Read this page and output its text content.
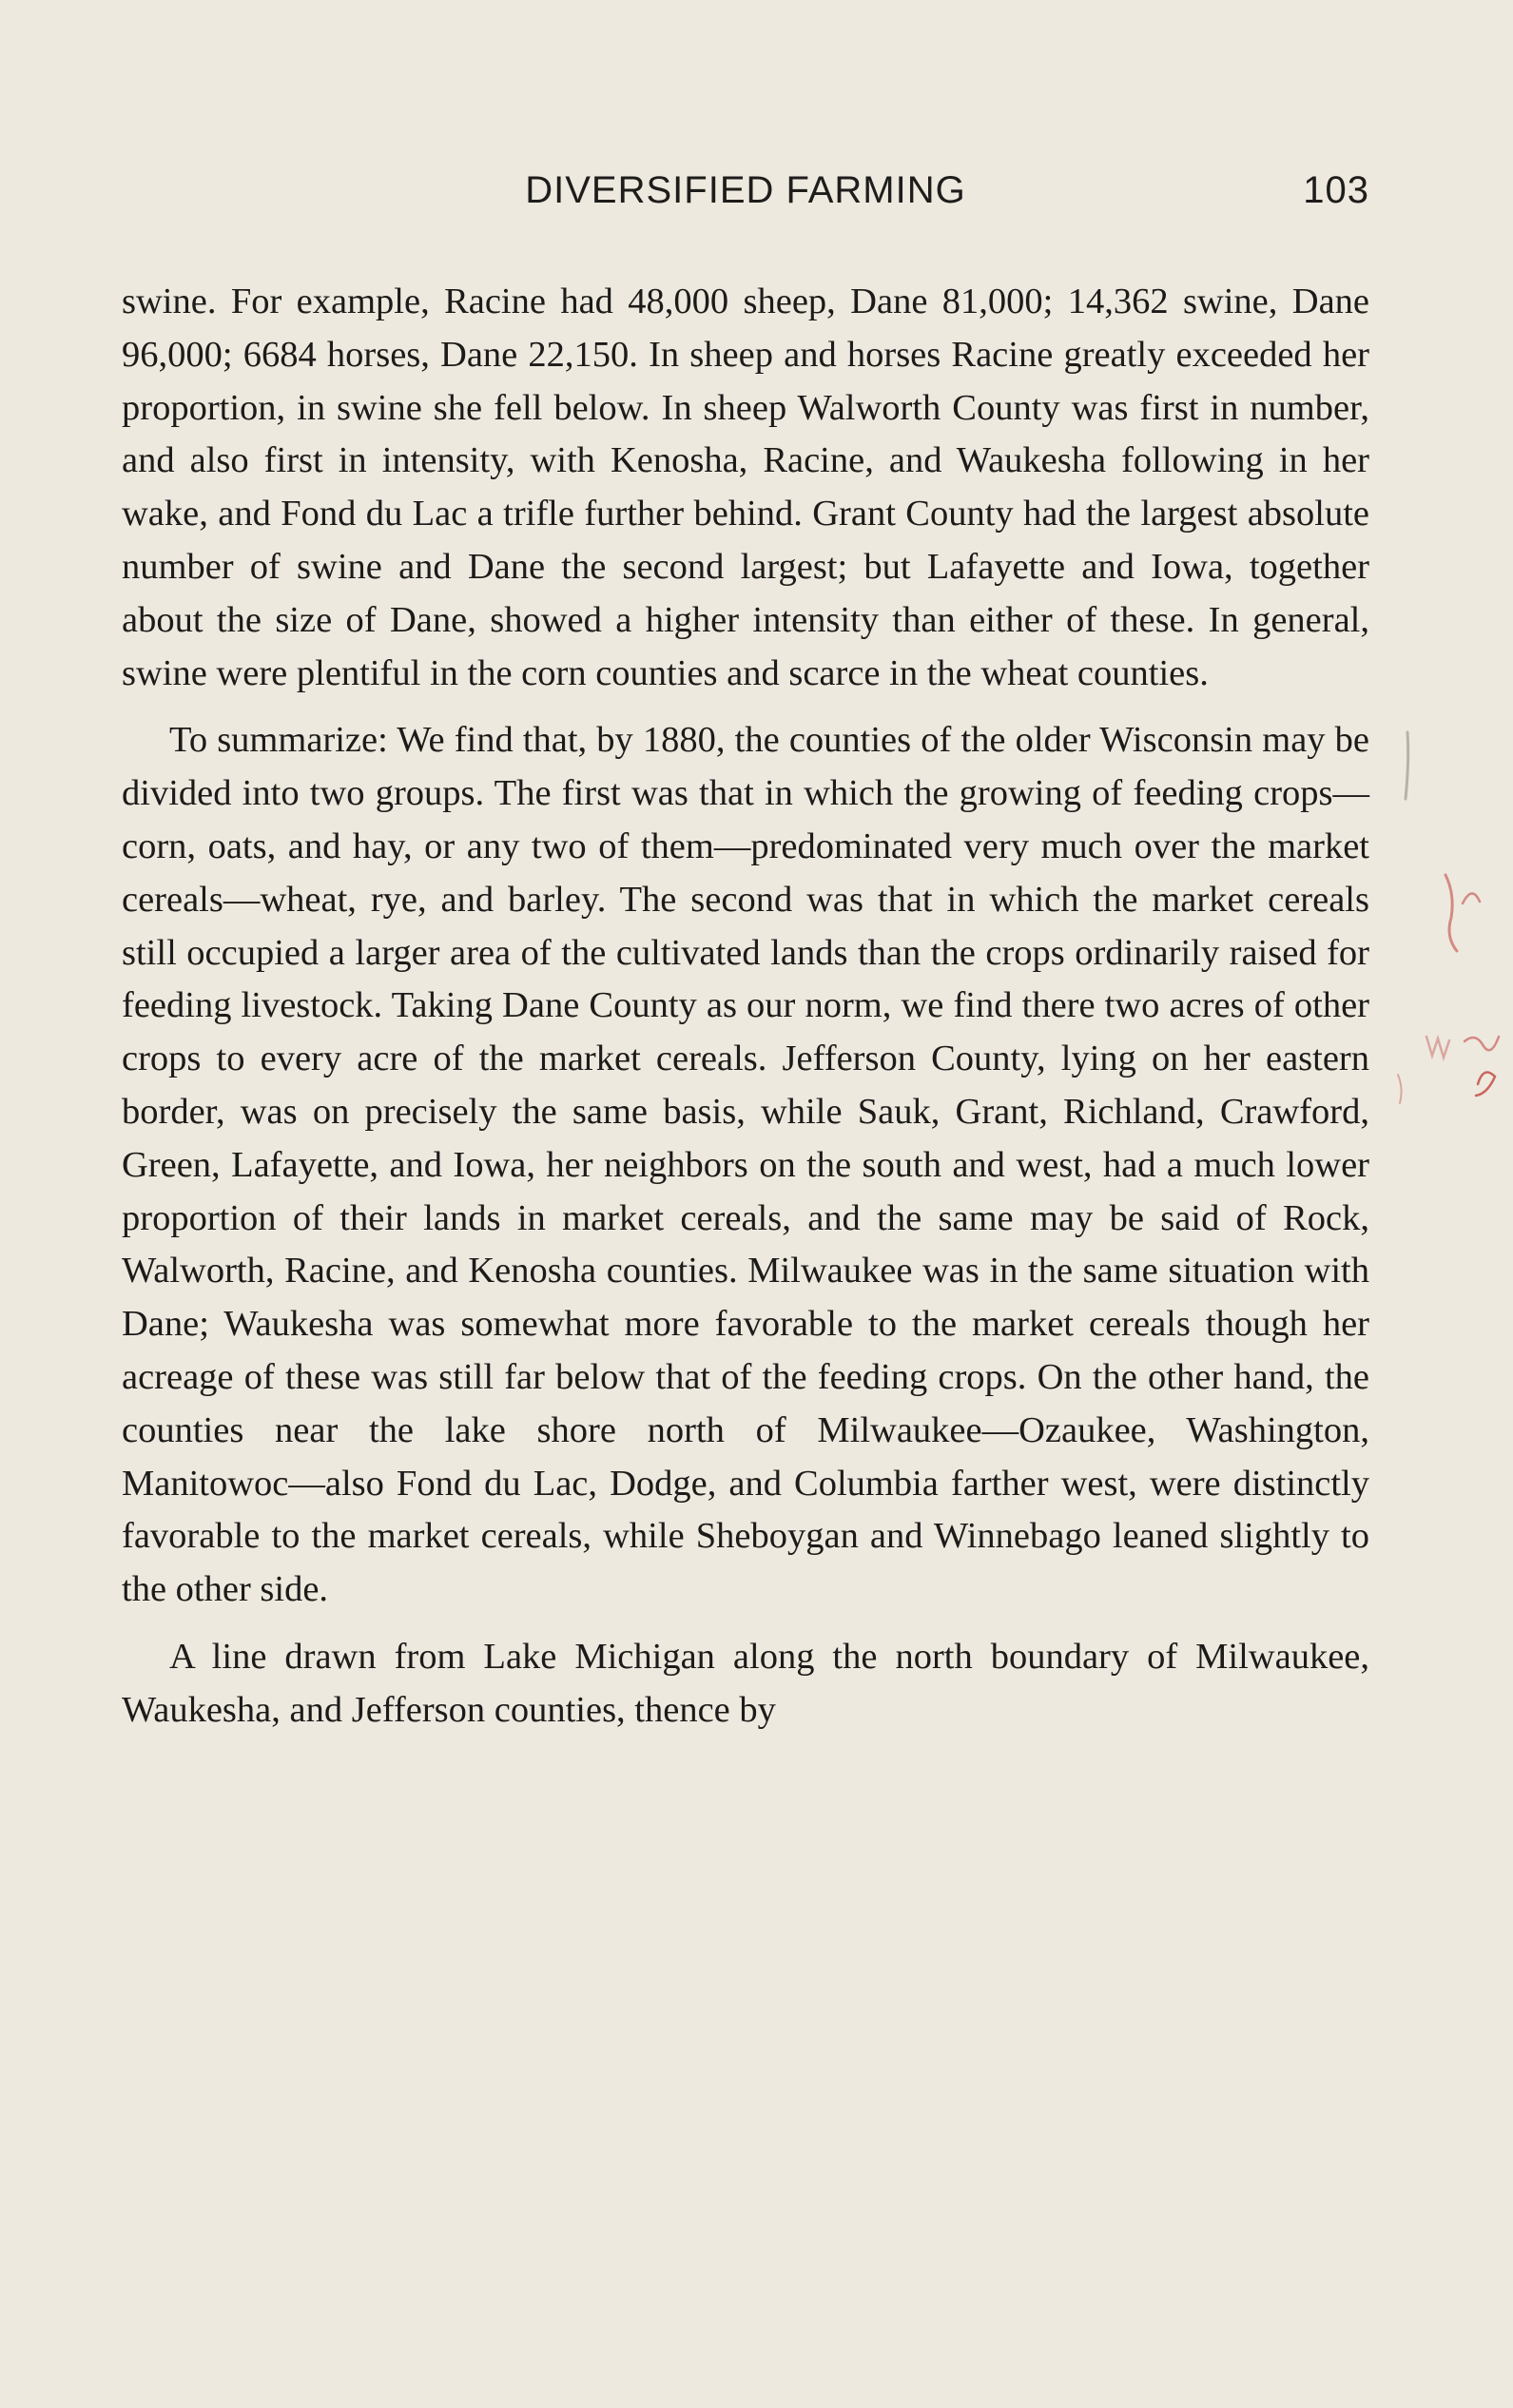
DIVERSIFIED FARMING	103

swine. For example, Racine had 48,000 sheep, Dane 81,000; 14,362 swine, Dane 96,000; 6684 horses, Dane 22,150. In sheep and horses Racine greatly exceeded her proportion, in swine she fell below. In sheep Walworth County was first in number, and also first in intensity, with Kenosha, Racine, and Waukesha following in her wake, and Fond du Lac a trifle further behind. Grant County had the largest absolute number of swine and Dane the second largest; but Lafayette and Iowa, together about the size of Dane, showed a higher intensity than either of these. In general, swine were plentiful in the corn counties and scarce in the wheat counties.

To summarize: We find that, by 1880, the counties of the older Wisconsin may be divided into two groups. The first was that in which the growing of feeding crops—corn, oats, and hay, or any two of them—predominated very much over the market cereals—wheat, rye, and barley. The second was that in which the market cereals still occupied a larger area of the cultivated lands than the crops ordinarily raised for feeding livestock. Taking Dane County as our norm, we find there two acres of other crops to every acre of the market cereals. Jefferson County, lying on her eastern border, was on precisely the same basis, while Sauk, Grant, Richland, Crawford, Green, Lafayette, and Iowa, her neighbors on the south and west, had a much lower proportion of their lands in market cereals, and the same may be said of Rock, Walworth, Racine, and Kenosha counties. Milwaukee was in the same situation with Dane; Waukesha was somewhat more favorable to the market cereals though her acreage of these was still far below that of the feeding crops. On the other hand, the counties near the lake shore north of Milwaukee—Ozaukee, Washington, Manitowoc—also Fond du Lac, Dodge, and Columbia farther west, were distinctly favorable to the market cereals, while Sheboygan and Winnebago leaned slightly to the other side.

A line drawn from Lake Michigan along the north boundary of Milwaukee, Waukesha, and Jefferson counties, thence by
